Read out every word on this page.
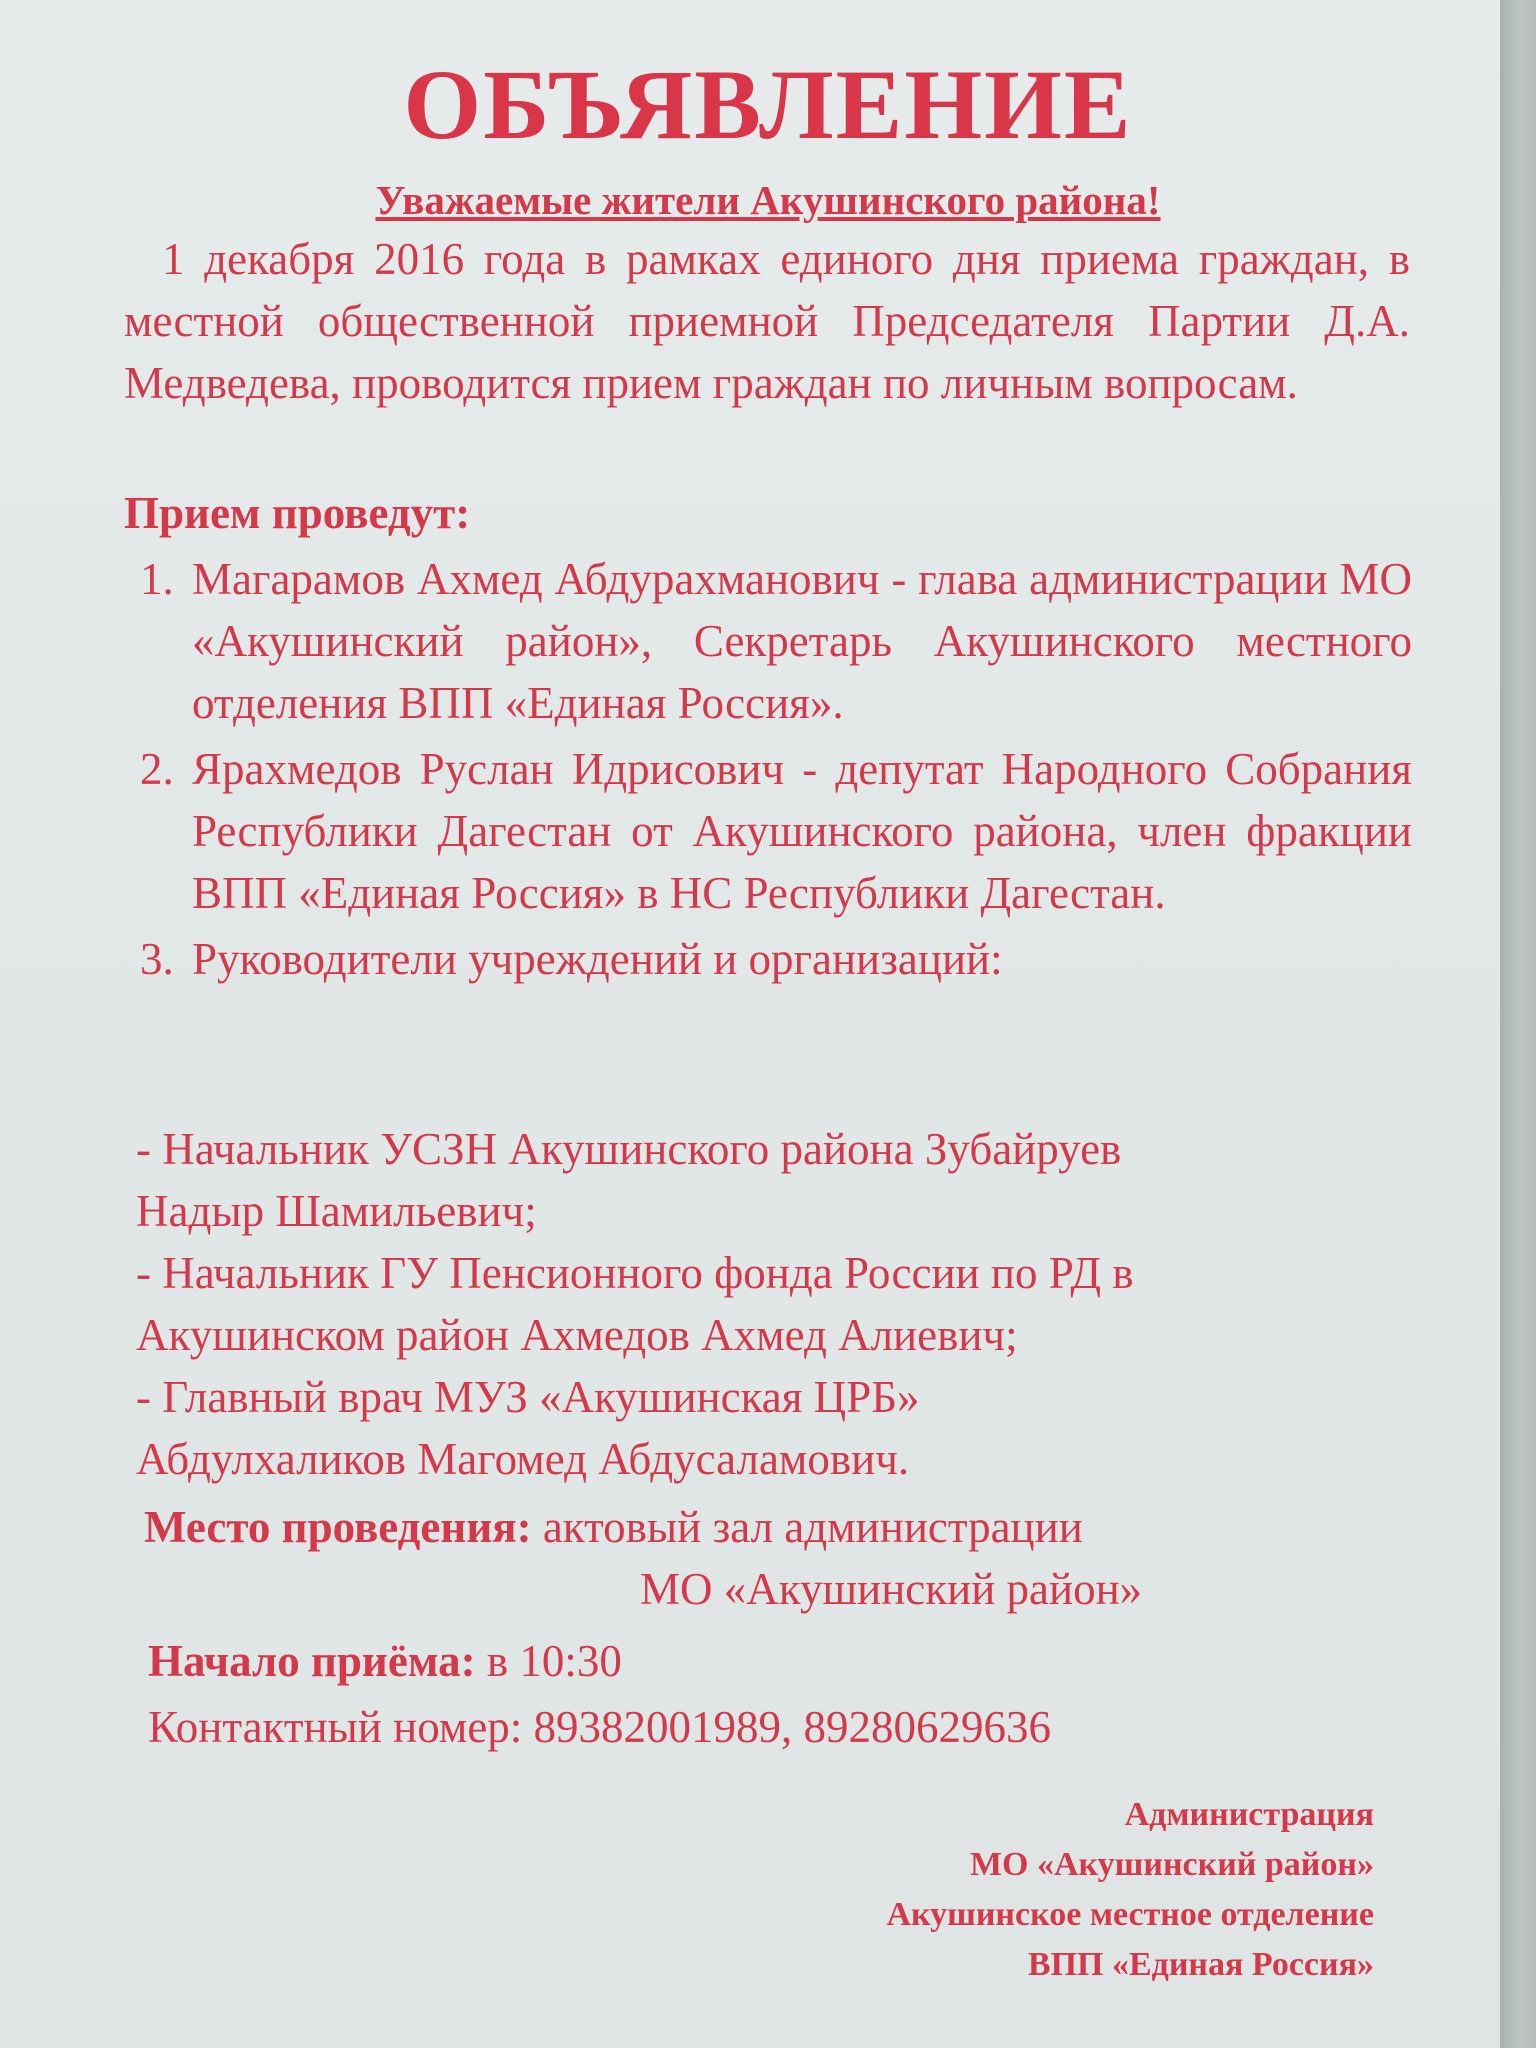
ОБЪЯВЛЕНИЕ
Уважаемые жители Акушинского района!
1 декабря 2016 года в рамках единого дня приема граждан, в местной общественной приемной Председателя Партии Д.А. Медведева, проводится прием граждан по личным вопросам.
Прием проведут:
1. Магарамов Ахмед Абдурахманович - глава администрации МО «Акушинский район», Секретарь Акушинского местного отделения ВПП «Единая Россия».
2. Ярахмедов Руслан Идрисович - депутат Народного Собрания Республики Дагестан от Акушинского района, член фракции ВПП «Единая Россия» в НС Республики Дагестан.
3. Руководители учреждений и организаций:
- Начальник УСЗН Акушинского района Зубайруев
Надыр Шамильевич;
- Начальник ГУ Пенсионного фонда России по РД в
Акушинском район Ахмедов Ахмед Алиевич;
- Главный врач МУЗ «Акушинская ЦРБ»
Абдулхаликов Магомед Абдусаламович.
Место проведения: актовый зал администрации
МО «Акушинский район»
Начало приёма: в 10:30
Контактный номер: 89382001989, 89280629636
Администрация
МО «Акушинский район»
Акушинское местное отделение
ВПП «Единая Россия»
